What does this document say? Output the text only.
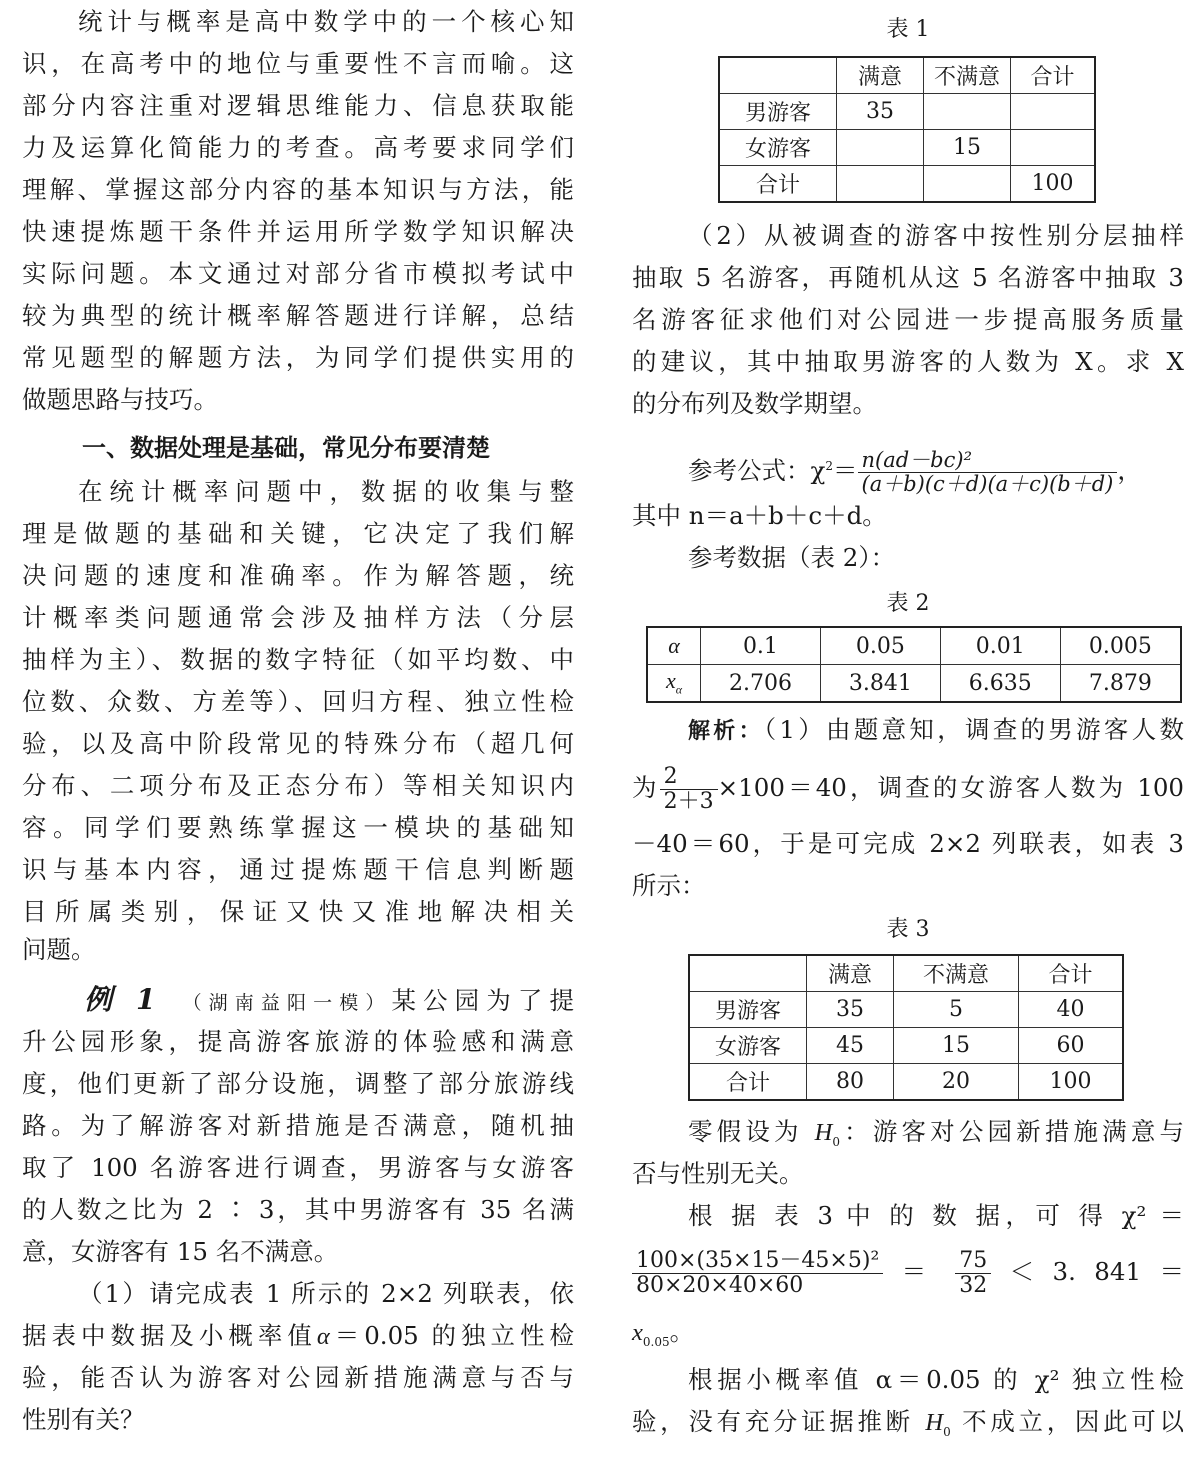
统计与概率是高中数学中的一个核心知
识，在高考中的地位与重要性不言而喻。这
部分内容注重对逻辑思维能力、信息获取能
力及运算化简能力的考查。高考要求同学们
理解、掌握这部分内容的基本知识与方法，能
快速提炼题干条件并运用所学数学知识解决
实际问题。本文通过对部分省市模拟考试中
较为典型的统计概率解答题进行详解，总结
常见题型的解题方法，为同学们提供实用的
做题思路与技巧。
一、数据处理是基础，常见分布要清楚
在统计概率问题中，数据的收集与整
理是做题的基础和关键，它决定了我们解
决问题的速度和准确率。作为解答题，统
计概率类问题通常会涉及抽样方法（分层
抽样为主）、数据的数字特征（如平均数、中
位数、众数、方差等）、回归方程、独立性检
验，以及高中阶段常见的特殊分布（超几何
分布、二项分布及正态分布）等相关知识内
容。同学们要熟练掌握这一模块的基础知
识与基本内容，通过提炼题干信息判断题
目所属类别，保证又快又准地解决相关
问题。
例 1 （湖南益阳一模）某公园为了提
升公园形象，提高游客旅游的体验感和满意
度，他们更新了部分设施，调整了部分旅游线
路。为了解游客对新措施是否满意，随机抽
取了 100 名游客进行调查，男游客与女游客
的人数之比为 2 ∶ 3，其中男游客有 35 名满
意，女游客有 15 名不满意。
（1）请完成表 1 所示的 2×2 列联表，依
据表中数据及小概率值α＝0.05 的独立性检
验，能否认为游客对公园新措施满意与否与
性别有关？
表 1
	满意	不满意	合计
男游客	35		
女游客		15	
合计			100
（2）从被调查的游客中按性别分层抽样
抽取 5 名游客，再随机从这 5 名游客中抽取 3
名游客征求他们对公园进一步提高服务质量
的建议，其中抽取男游客的人数为 X。求 X
的分布列及数学期望。
参考公式：$\chi^2= \frac{\text{n(ad－bc)²}}{(a+b)(c+d)(a+c)(b+d)}$ ，
其中 n＝a＋b＋c＋d。
参考数据（表 2）：
表 2
α	0.1	0.05	0.01	0.005
$x_\alpha$	2.706	3.841	6.635	7.879
解析：（1）由题意知，调查的男游客人数
为 $\frac{2}{2+3} \times 100=40$，调查的女游客人数为 100
－40＝60，于是可完成 2×2 列联表，如表 3
所示：
表 3
	满意	不满意	合计
男游客	35	5	40
女游客	45	15	60
合计	80	20	100
零假设为 $H_0$：游客对公园新措施满意与
否与性别无关。
根 据 表 3 中 的 数 据，可 得 χ² ＝
$\frac{\text{100×(35×15－45×5)²}}{80\times 20\times 40\times 60} = \frac{75}{32} < 3$. 841 ＝
$x_{0.05}$。
根据小概率值 α＝0.05 的 χ² 独立性检
验，没有充分证据推断 $H_0$ 不成立，因此可以
